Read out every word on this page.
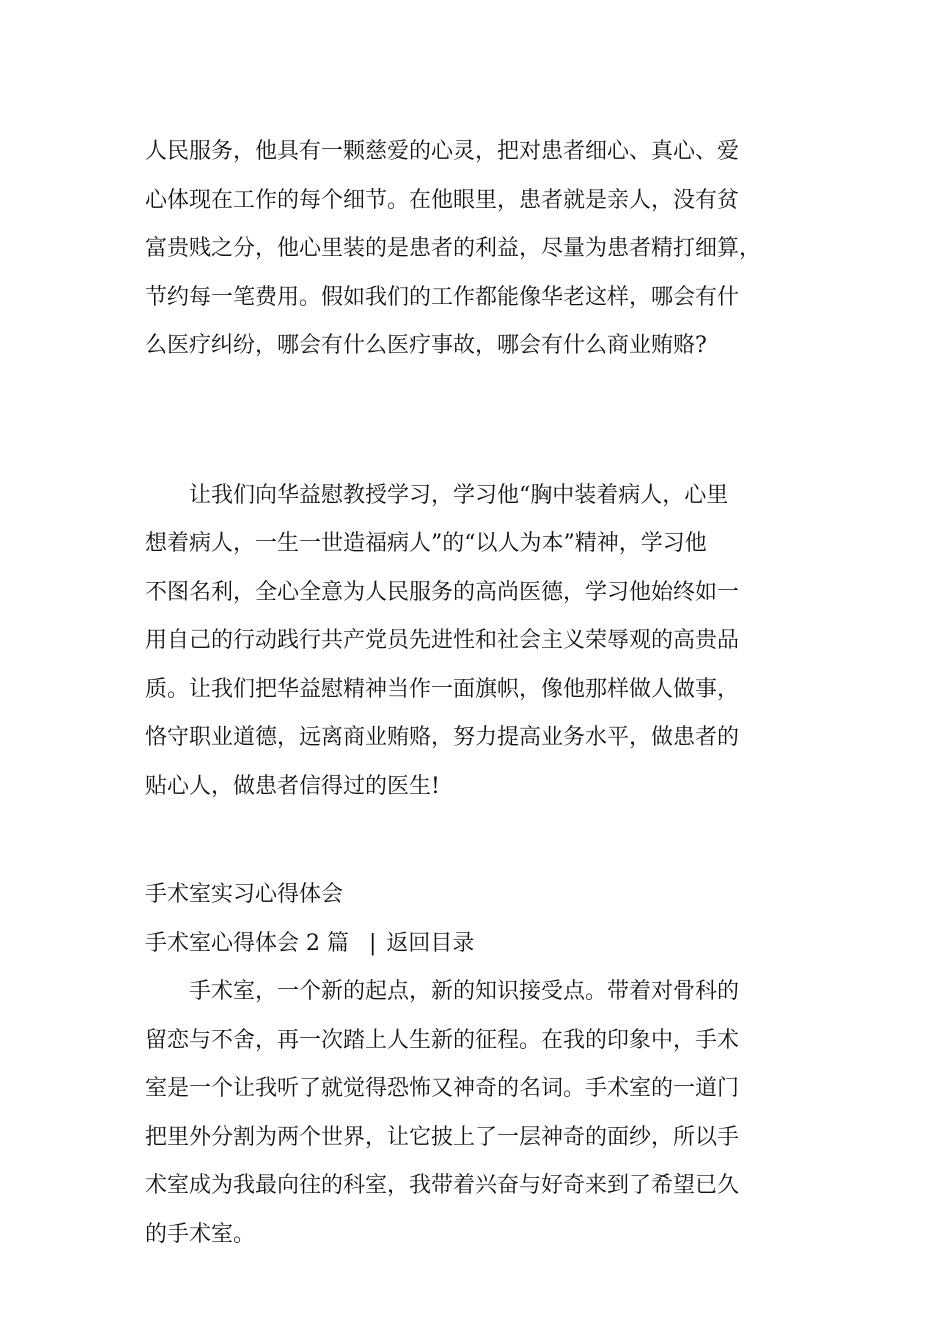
人民服务，他具有一颗慈爱的心灵，把对患者细心、真心、爱
心体现在工作的每个细节。在他眼里，患者就是亲人，没有贫
富贵贱之分，他心里装的是患者的利益，尽量为患者精打细算，
节约每一笔费用。假如我们的工作都能像华老这样，哪会有什
么医疗纠纷，哪会有什么医疗事故，哪会有什么商业贿赂?
让我们向华益慰教授学习，学习他“胸中装着病人，心里
想着病人，一生一世造福病人”的“以人为本”精神，学习他
不图名利，全心全意为人民服务的高尚医德，学习他始终如一
用自己的行动践行共产党员先进性和社会主义荣辱观的高贵品
质。让我们把华益慰精神当作一面旗帜，像他那样做人做事，
恪守职业道德，远离商业贿赂，努力提高业务水平，做患者的
贴心人，做患者信得过的医生!
手术室实习心得体会
手术室心得体会 2 篇 | 返回目录
手术室，一个新的起点，新的知识接受点。带着对骨科的
留恋与不舍，再一次踏上人生新的征程。在我的印象中，手术
室是一个让我听了就觉得恐怖又神奇的名词。手术室的一道门
把里外分割为两个世界，让它披上了一层神奇的面纱，所以手
术室成为我最向往的科室，我带着兴奋与好奇来到了希望已久
的手术室。
